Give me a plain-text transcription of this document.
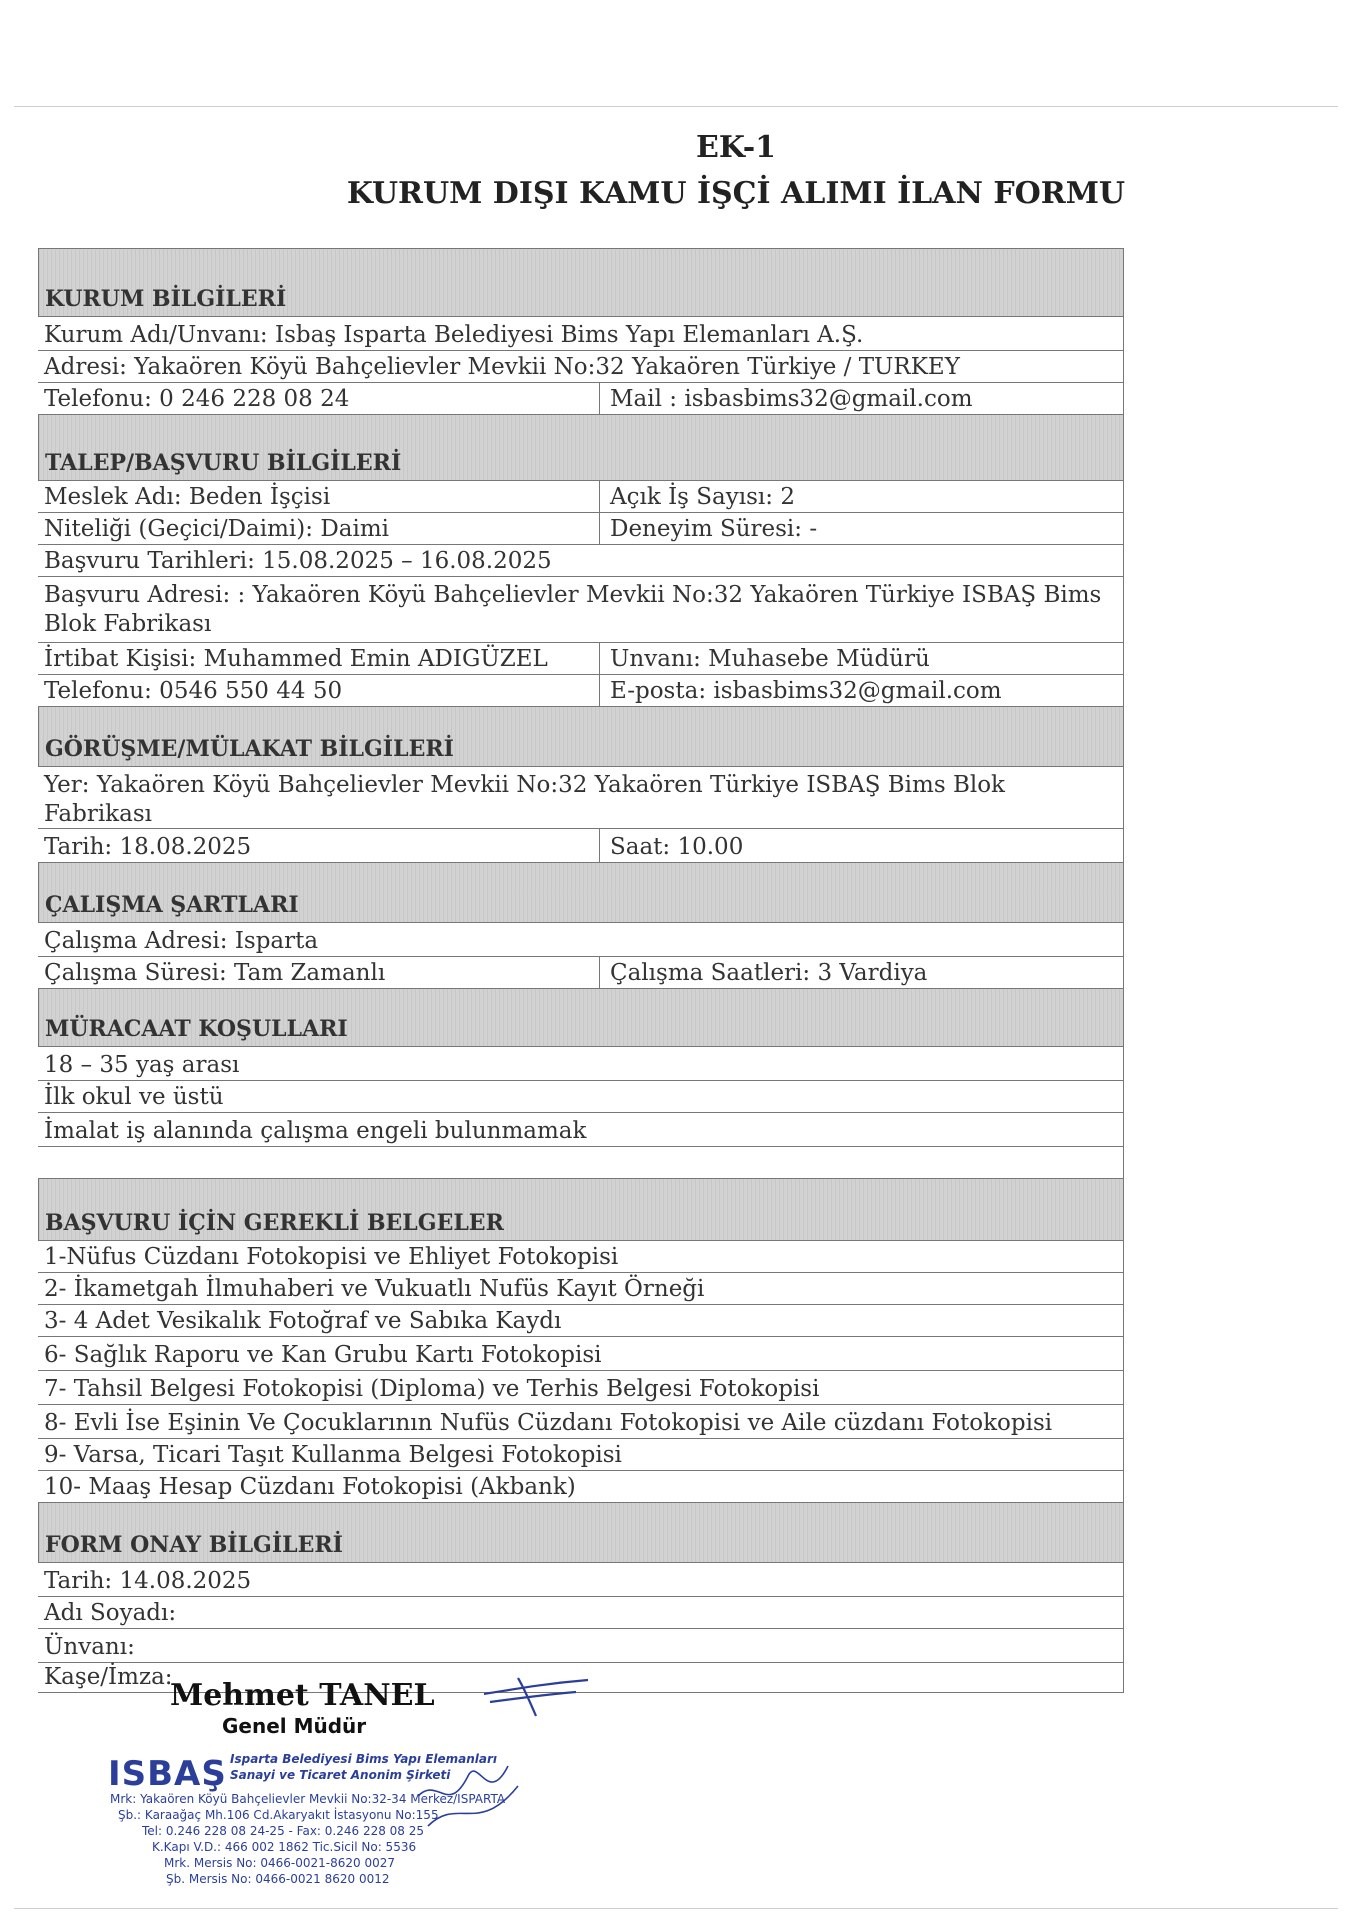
EK-1
KURUM DIŞI KAMU İŞÇİ ALIMI İLAN FORMU
KURUM BİLGİLERİ
Kurum Adı/Unvanı: Isbaş Isparta Belediyesi Bims Yapı Elemanları A.Ş.
Adresi: Yakaören Köyü Bahçelievler Mevkii No:32 Yakaören Türkiye / TURKEY
Telefonu: 0 246 228 08 24	Mail : isbasbims32@gmail.com
TALEP/BAŞVURU BİLGİLERİ
Meslek Adı: Beden İşçisi	Açık İş Sayısı: 2
Niteliği (Geçici/Daimi): Daimi	Deneyim Süresi: -
Başvuru Tarihleri: 15.08.2025 – 16.08.2025
Başvuru Adresi: : Yakaören Köyü Bahçelievler Mevkii No:32 Yakaören Türkiye ISBAŞ Bims Blok Fabrikası
İrtibat Kişisi: Muhammed Emin ADIGÜZEL	Unvanı: Muhasebe Müdürü
Telefonu: 0546 550 44 50	E-posta: isbasbims32@gmail.com
GÖRÜŞME/MÜLAKAT BİLGİLERİ
Yer: Yakaören Köyü Bahçelievler Mevkii No:32 Yakaören Türkiye ISBAŞ Bims Blok Fabrikası
Tarih: 18.08.2025	Saat: 10.00
ÇALIŞMA ŞARTLARI
Çalışma Adresi: Isparta
Çalışma Süresi: Tam Zamanlı	Çalışma Saatleri: 3 Vardiya
MÜRACAAT KOŞULLARI
18 – 35 yaş arası
İlk okul ve üstü
İmalat iş alanında çalışma engeli bulunmamak
BAŞVURU İÇİN GEREKLİ BELGELER
1-Nüfus Cüzdanı Fotokopisi ve Ehliyet Fotokopisi
2- İkametgah İlmuhaberi ve Vukuatlı Nufüs Kayıt Örneği
3- 4 Adet Vesikalık Fotoğraf ve Sabıka Kaydı
6- Sağlık Raporu ve Kan Grubu Kartı Fotokopisi
7- Tahsil Belgesi Fotokopisi (Diploma) ve Terhis Belgesi Fotokopisi
8- Evli İse Eşinin Ve Çocuklarının Nufüs Cüzdanı Fotokopisi ve Aile cüzdanı Fotokopisi
9- Varsa, Ticari Taşıt Kullanma Belgesi Fotokopisi
10- Maaş Hesap Cüzdanı Fotokopisi (Akbank)
FORM ONAY BİLGİLERİ
Tarih: 14.08.2025
Adı Soyadı:
Ünvanı:
Kaşe/İmza:
Mehmet TANEL
Genel Müdür
ISBAŞ Isparta Belediyesi Bims Yapı Elemanları
Sanayi ve Ticaret Anonim Şirketi
Mrk: Yakaören Köyü Bahçelievler Mevkii No:32-34 Merkez/ISPARTA
Şb.: Karaağaç Mh.106 Cd.Akaryakıt İstasyonu No:155
Tel: 0.246 228 08 24-25 - Fax: 0.246 228 08 25
K.Kapı V.D.: 466 002 1862 Tic.Sicil No: 5536
Mrk. Mersis No: 0466-0021-8620 0027
Şb. Mersis No: 0466-0021 8620 0012
